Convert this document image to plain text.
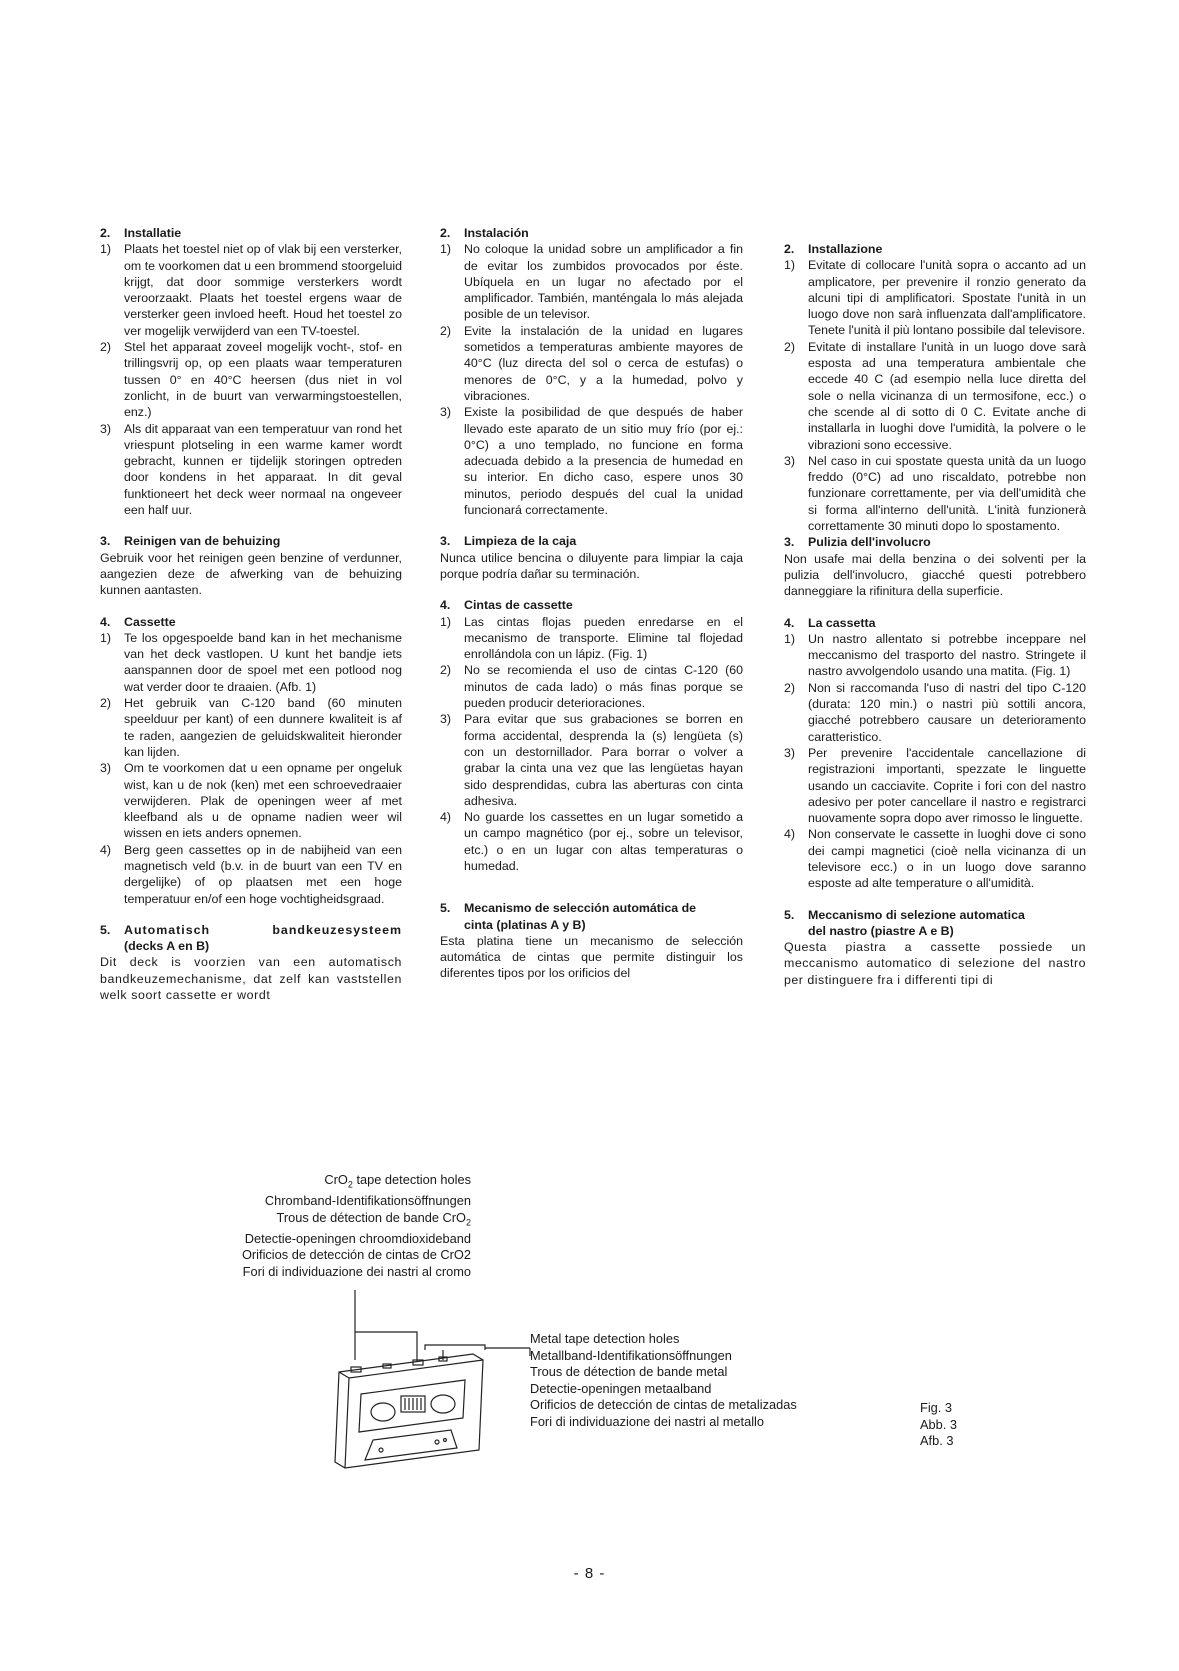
2.	Installatie
1)	Plaats het toestel niet op of vlak bij een versterker, om te voorkomen dat u een brommend stoorgeluid krijgt, dat door sommige versterkers wordt veroorzaakt. Plaats het toestel ergens waar de versterker geen invloed heeft. Houd het toestel zo ver mogelijk verwijderd van een TV-toestel.
2)	Stel het apparaat zoveel mogelijk vocht-, stof- en trillingsvrij op, op een plaats waar temperaturen tussen 0° en 40°C heersen (dus niet in vol zonlicht, in de buurt van verwarmingstoestellen, enz.)
3)	Als dit apparaat van een temperatuur van rond het vriespunt plotseling in een warme kamer wordt gebracht, kunnen er tijdelijk storingen optreden door kondens in het apparaat. In dit geval funktioneert het deck weer normaal na ongeveer een half uur.
3.	Reinigen van de behuizing
Gebruik voor het reinigen geen benzine of verdunner, aangezien deze de afwerking van de behuizing kunnen aantasten.
4.	Cassette
1)	Te los opgespoelde band kan in het mechanisme van het deck vastlopen. U kunt het bandje iets aanspannen door de spoel met een potlood nog wat verder door te draaien. (Afb. 1)
2)	Het gebruik van C-120 band (60 minuten speelduur per kant) of een dunnere kwaliteit is af te raden, aangezien de geluidskwaliteit hieronder kan lijden.
3)	Om te voorkomen dat u een opname per ongeluk wist, kan u de nok (ken) met een schroevedraaier verwijderen. Plak de openingen weer af met kleefband als u de opname nadien weer wil wissen en iets anders opnemen.
4)	Berg geen cassettes op in de nabijheid van een magnetisch veld (b.v. in de buurt van een TV en dergelijke) of op plaatsen met een hoge temperatuur en/of een hoge vochtigheidsgraad.
5.	Automatisch bandkeuzesysteem
(decks A en B)
Dit deck is voorzien van een automatisch bandkeuzemechanisme, dat zelf kan vaststellen welk soort cassette er wordt
2.	Instalación
1)	No coloque la unidad sobre un amplificador a fin de evitar los zumbidos provocados por éste. Ubíquela en un lugar no afectado por el amplificador. También, manténgala lo más alejada posible de un televisor.
2)	Evite la instalación de la unidad en lugares sometidos a temperaturas ambiente mayores de 40°C (luz directa del sol o cerca de estufas) o menores de 0°C, y a la humedad, polvo y vibraciones.
3)	Existe la posibilidad de que después de haber llevado este aparato de un sitio muy frío (por ej.: 0°C) a uno templado, no funcione en forma adecuada debido a la presencia de humedad en su interior. En dicho caso, espere unos 30 minutos, periodo después del cual la unidad funcionará correctamente.
3.	Limpieza de la caja
Nunca utilice bencina o diluyente para limpiar la caja porque podría dañar su terminación.
4.	Cintas de cassette
1)	Las cintas flojas pueden enredarse en el mecanismo de transporte. Elimine tal flojedad enrollándola con un lápiz. (Fig. 1)
2)	No se recomienda el uso de cintas C-120 (60 minutos de cada lado) o más finas porque se pueden producir deterioraciones.
3)	Para evitar que sus grabaciones se borren en forma accidental, desprenda la (s) lengüeta (s) con un destornillador. Para borrar o volver a grabar la cinta una vez que las lengüetas hayan sido desprendidas, cubra las aberturas con cinta adhesiva.
4)	No guarde los cassettes en un lugar sometido a un campo magnético (por ej., sobre un televisor, etc.) o en un lugar con altas temperaturas o humedad.
5.	Mecanismo de selección automática de
cinta (platinas A y B)
Esta platina tiene un mecanismo de selección automática de cintas que permite distinguir los diferentes tipos por los orificios del
2.	Installazione
1)	Evitate di collocare l'unità sopra o accanto ad un amplicatore, per prevenire il ronzio generato da alcuni tipi di amplificatori. Spostate l'unità in un luogo dove non sarà influenzata dall'amplificatore. Tenete l'unità il più lontano possibile dal televisore.
2)	Evitate di installare l'unità in un luogo dove sarà esposta ad una temperatura ambientale che eccede 40 C (ad esempio nella luce diretta del sole o nella vicinanza di un termosifone, ecc.) o che scende al di sotto di 0 C. Evitate anche di installarla in luoghi dove l'umidità, la polvere o le vibrazioni sono eccessive.
3)	Nel caso in cui spostate questa unità da un luogo freddo (0°C) ad uno riscaldato, potrebbe non funzionare correttamente, per via dell'umidità che si forma all'interno dell'unità. L'inità funzionerà correttamente 30 minuti dopo lo spostamento.
3.	Pulizia dell'involucro
Non usafe mai della benzina o dei solventi per la pulizia dell'involucro, giacché questi potrebbero danneggiare la rifinitura della superficie.
4.	La cassetta
1)	Un nastro allentato si potrebbe inceppare nel meccanismo del trasporto del nastro. Stringete il nastro avvolgendolo usando una matita. (Fig. 1)
2)	Non si raccomanda l'uso di nastri del tipo C-120 (durata: 120 min.) o nastri più sottili ancora, giacché potrebbero causare un deterioramento caratteristico.
3)	Per prevenire l'accidentale cancellazione di registrazioni importanti, spezzate le linguette usando un cacciavite. Coprite i fori con del nastro adesivo per poter cancellare il nastro e registrarci nuovamente sopra dopo aver rimosso le linguette.
4)	Non conservate le cassette in luoghi dove ci sono dei campi magnetici (cioè nella vicinanza di un televisore ecc.) o in un luogo dove saranno esposte ad alte temperature o all'umidità.
5.	Meccanismo di selezione automatica
del nastro (piastre A e B)
Questa piastra a cassette possiede un meccanismo automatico di selezione del nastro per distinguere fra i differenti tipi di
CrO$_2$ tape detection holes
Chromband-Identifikationsöffnungen
Trous de détection de bande CrO$_2$
Detectie-openingen chroomdioxideband
Orificios de detección de cintas de CrO2
Fori di individuazione dei nastri al cromo
Metal tape detection holes
Metallband-Identifikationsöffnungen
Trous de détection de bande metal
Detectie-openingen metaalband
Orificios de detección de cintas de metalizadas
Fori di individuazione dei nastri al metallo
Fig. 3
Abb. 3
Afb. 3
- 8 -
